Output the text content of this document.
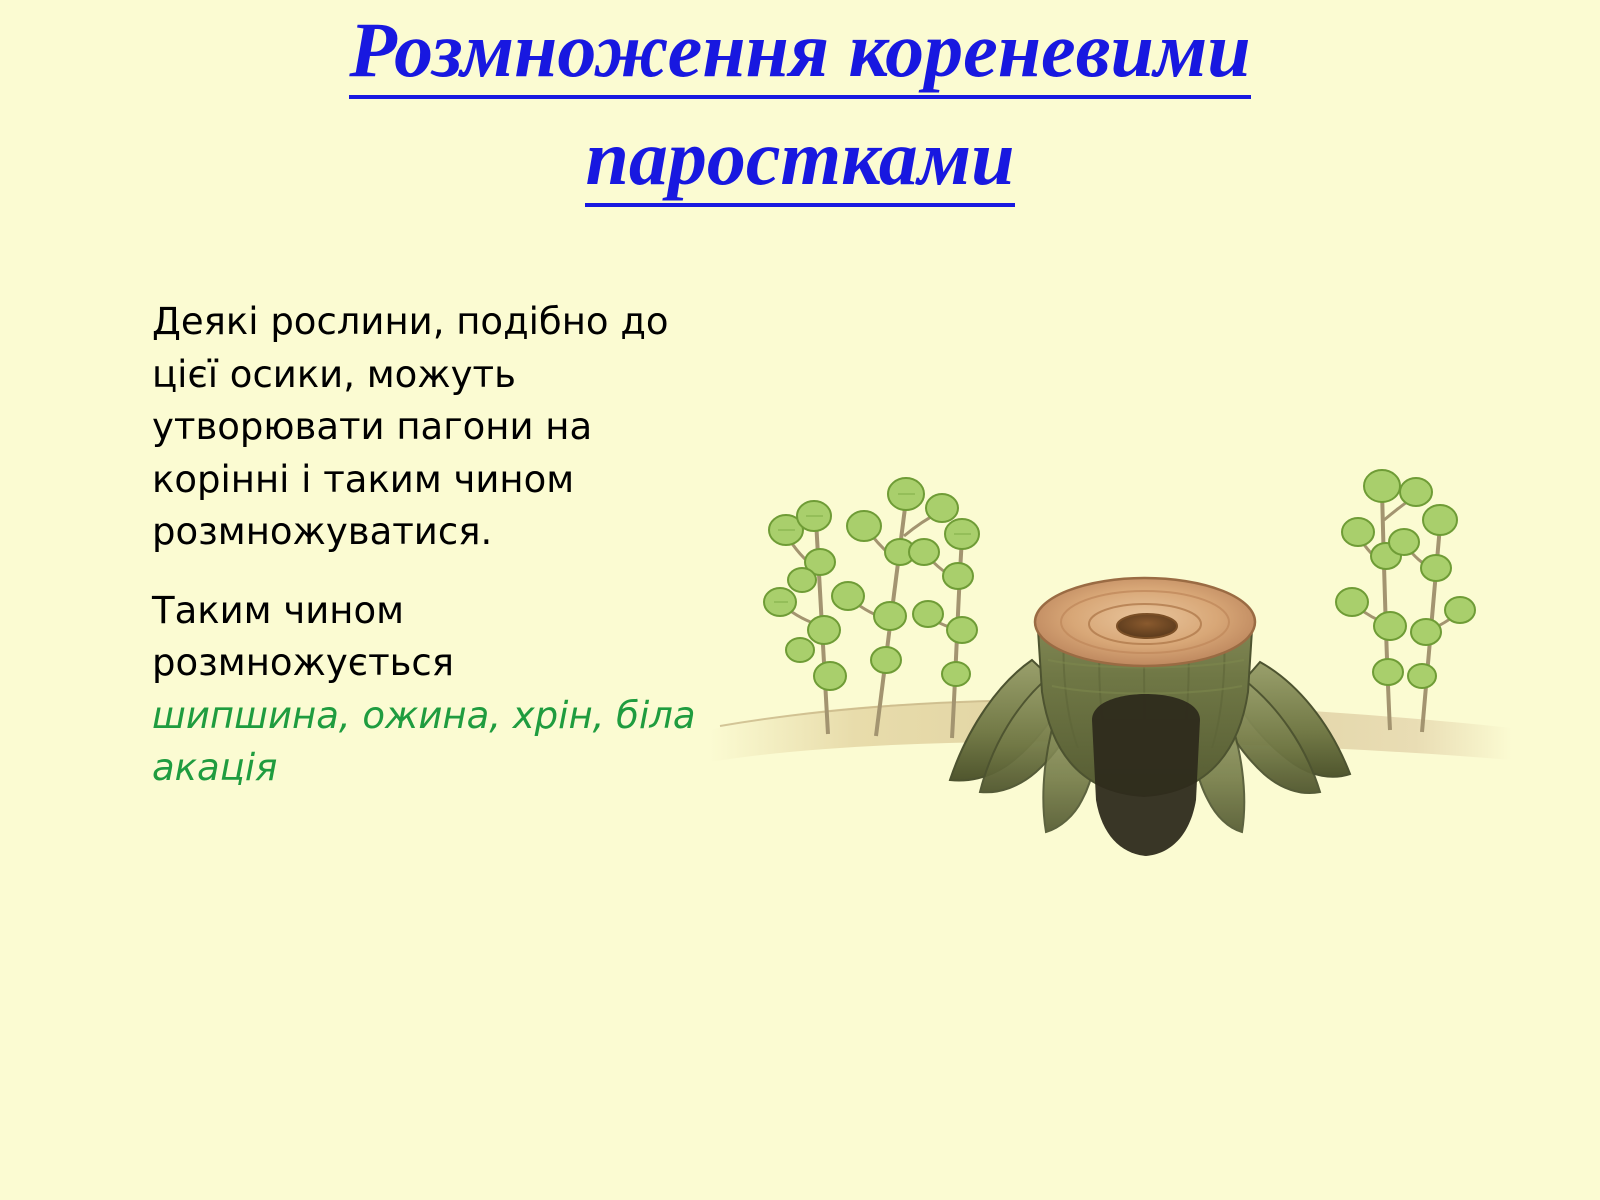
Розмноження кореневими
паростками

Деякі рослини, подібно до цієї осики, можуть утворювати пагони на корінні і таким чином розмножуватися.

Таким чином розмножується
шипшина, ожина, хрін, біла акація
